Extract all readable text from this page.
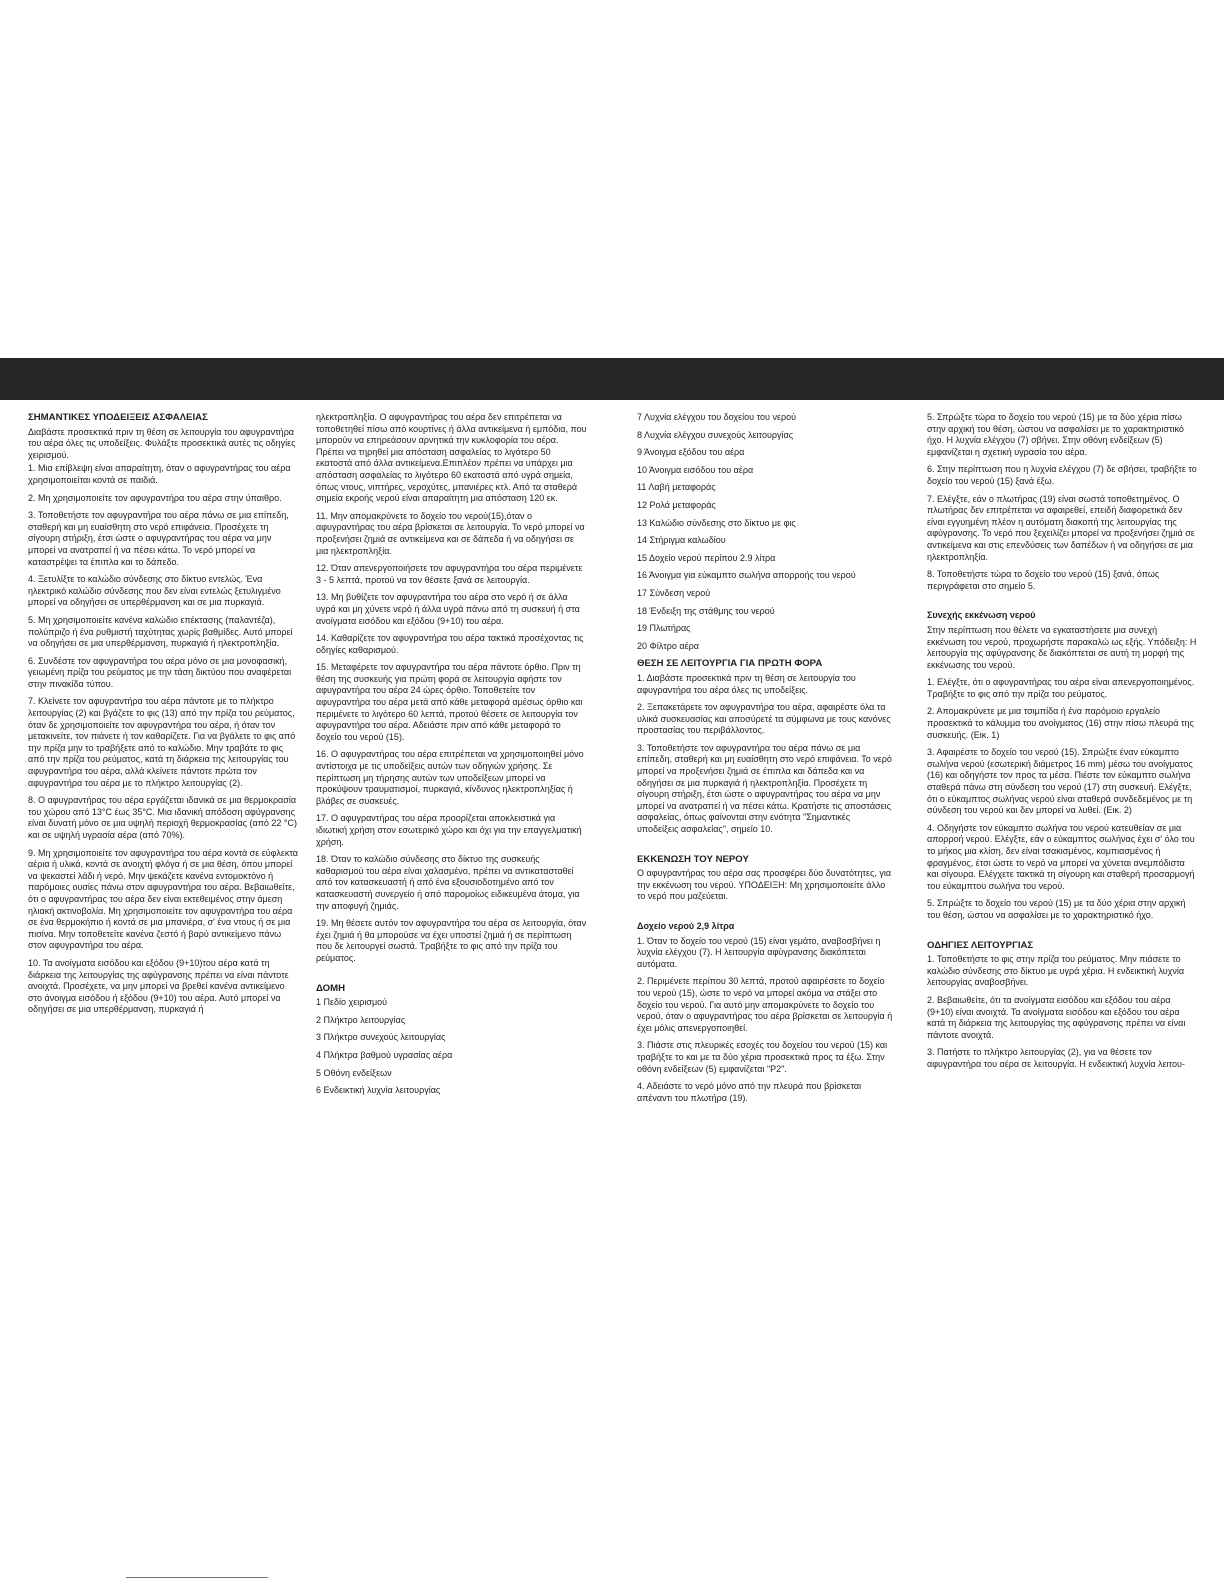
ΣΗΜΑΝΤΙΚΕΣ ΥΠΟΔΕΙΞΕΙΣ ΑΣΦΑΛΕΙΑΣ

Διαβάστε προσεκτικά πριν τη θέση σε λειτουργία του αφυγραντήρα του αέρα όλες τις υποδείξεις. Φυλάξτε προσεκτικά αυτές τις οδηγίες χειρισμού.

1. Μια επίβλεψη είναι απαραίτητη, όταν ο αφυγραντήρας του αέρα χρησιμοποιείται κοντά σε παιδιά.

2. Μη χρησιμοποιείτε τον αφυγραντήρα του αέρα στην ύπαιθρο.

3. Τοποθετήστε τον αφυγραντήρα του αέρα πάνω σε μια επίπεδη, σταθερή και μη ευαίσθητη στο νερό επιφάνεια. Προσέχετε τη σίγουρη στήριξη, έτσι ώστε ο αφυγραντήρας του αέρα να μην μπορεί να ανατραπεί ή να πέσει κάτω. Το νερό μπορεί να καταστρέψει τα έπιπλα και το δάπεδο.

4. Ξετυλίξτε το καλώδιο σύνδεσης στο δίκτυο εντελώς. Ένα ηλεκτρικό καλώδιο σύνδεσης που δεν είναι εντελώς ξετυλιγμένο μπορεί να οδηγήσει σε υπερθέρμανση και σε μια πυρκαγιά.

5. Μη χρησιμοποιείτε κανένα καλώδιο επέκτασης (παλαντέζα), πολύπριζο ή ένα ρυθμιστή ταχύτητας χωρίς βαθμίδες. Αυτό μπορεί να οδηγήσει σε μια υπερθέρμανση, πυρκαγιά ή ηλεκτροπληξία.

6. Συνδέστε τον αφυγραντήρα του αέρα μόνο σε μια μονοφασική, γειωμένη πρίζα του ρεύματος με την τάση δικτύου που αναφέρεται στην πινακίδα τύπου.

7. Κλείνετε τον αφυγραντήρα του αέρα πάντοτε με το πλήκτρο λειτουργίας (2) και βγάζετε το φις (13) από την πρίζα του ρεύματος, όταν δε χρησιμοποιείτε τον αφυγραντήρα του αέρα, ή όταν τον μετακινείτε, τον πιάνετε ή τον καθαρίζετε. Για να βγάλετε το φις από την πρίζα μην το τραβήξετε από το καλώδιο. Μην τραβάτε το φις από την πρίζα του ρεύματος, κατά τη διάρκεια της λειτουργίας του αφυγραντήρα του αέρα, αλλά κλείνετε πάντοτε πρώτα τον αφυγραντήρα του αέρα με το πλήκτρο λειτουργίας (2).

8. Ο αφυγραντήρας του αέρα εργάζεται ιδανικά σε μια θερμοκρασία του χώρου από 13°C έως 35°C. Μια ιδανική απόδοση αφύγρανσης είναι δυνατή μόνο σε μια υψηλή περιοχή θερμοκρασίας (από 22 °C) και σε υψηλή υγρασία αέρα (από 70%).

9. Μη χρησιμοποιείτε τον αφυγραντήρα του αέρα κοντά σε εύφλεκτα αέρια ή υλικά, κοντά σε ανοιχτή φλόγα ή σε μια θέση, όπου μπορεί να ψεκαστεί λάδι ή νερό. Μην ψεκάζετε κανένα εντομοκτόνο ή παρόμοιες ουσίες πάνω στον αφυγραντήρα του αέρα. Βεβαιωθείτε, ότι ο αφυγραντήρας του αέρα δεν είναι εκτεθειμένος στην άμεση ηλιακή ακτινοβολία. Μη χρησιμοποιείτε τον αφυγραντήρα του αέρα σε ένα θερμοκήπιο ή κοντά σε μια μπανιέρα, σ' ένα ντους ή σε μια πισίνα. Μην τοποθετείτε κανένα ζεστό ή βαρύ αντικείμενο πάνω στον αφυγραντήρα του αέρα.

10. Τα ανοίγματα εισόδου και εξόδου (9+10)του αέρα κατά τη διάρκεια της λειτουργίας της αφύγρανσης πρέπει να είναι πάντοτε ανοιχτά. Προσέχετε, να μην μπορεί να βρεθεί κανένα αντικείμενο στο άνοιγμα εισόδου ή εξόδου (9+10) του αέρα. Αυτό μπορεί να οδηγήσει σε μια υπερθέρμανση, πυρκαγιά ή

ηλεκτροπληξία. Ο αφυγραντήρας του αέρα δεν επιτρέπεται να τοποθετηθεί πίσω από κουρτίνες ή άλλα αντικείμενα ή εμπόδια, που μπορούν να επηρεάσουν αρνητικά την κυκλοφορία του αέρα. Πρέπει να τηρηθεί μια απόσταση ασφαλείας το λιγότερο 50 εκατοστά από άλλα αντικείμενα.Επιπλέον πρέπει να υπάρχει μια απόσταση ασφαλείας το λιγότερο 60 εκατοστά από υγρά σημεία, όπως ντους, νιπτήρες, νεροχύτες, μπανιέρες κτλ. Από τα σταθερά σημεία εκροής νερού είναι απαραίτητη μια απόσταση 120 εκ.

11. Μην απομακρύνετε το δοχείο του νερού(15),όταν ο αφυγραντήρας του αέρα βρίσκεται σε λειτουργία. Το νερό μπορεί να προξενήσει ζημιά σε αντικείμενα και σε δάπεδα ή να οδηγήσει σε μια ηλεκτροπληξία.

12. Όταν απενεργοποιήσετε τον αφυγραντήρα του αέρα περιμένετε 3 - 5 λεπτά, προτού να τον θέσετε ξανά σε λειτουργία.

13. Μη βυθίζετε τον αφυγραντήρα του αέρα στο νερό ή σε άλλα υγρά και μη χύνετε νερό ή άλλα υγρά πάνω από τη συσκευή ή στα ανοίγματα εισόδου και εξόδου (9+10) του αέρα.

14. Καθαρίζετε τον αφυγραντήρα του αέρα τακτικά προσέχοντας τις οδηγίες καθαρισμού.

15. Μεταφέρετε τον αφυγραντήρα του αέρα πάντοτε όρθιο. Πριν τη θέση της συσκευής για πρώτη φορά σε λειτουργία αφήστε τον αφυγραντήρα του αέρα 24 ώρες όρθιο. Τοποθετείτε τον αφυγραντήρα του αέρα μετά από κάθε μεταφορά αμέσως όρθιο και περιμένετε το λιγότερο 60 λεπτά, προτού θέσετε σε λειτουργία τον αφυγραντήρα του αέρα. Αδειάστε πριν από κάθε μεταφορά το δοχείο του νερού (15).

16. Ο αφυγραντήρας του αέρα επιτρέπεται να χρησιμοποιηθεί μόνο αντίστοιχα με τις υποδείξεις αυτών των οδηγιών χρήσης. Σε περίπτωση μη τήρησης αυτών των υποδείξεων μπορεί να προκύψουν τραυματισμοί, πυρκαγιά, κίνδυνος ηλεκτροπληξίας ή βλάβες σε συσκευές.

17. Ο αφυγραντήρας του αέρα προορίζεται αποκλειστικά για ιδιωτική χρήση στον εσωτερικό χώρο και όχι για την επαγγελματική χρήση.

18. Όταν το καλώδιο σύνδεσης στο δίκτυο της συσκευής καθαρισμού του αέρα είναι χαλασμένο, πρέπει να αντικατασταθεί από τον κατασκευαστή ή από ένα εξουσιοδοτημένο από τον κατασκευαστή συνεργείο ή από παρομοίως ειδικευμένα άτομα, για την αποφυγή ζημιάς.

19. Μη θέσετε αυτόν τον αφυγραντήρα του αέρα σε λειτουργία, όταν έχει ζημιά ή θα μπορούσε να έχει υποστεί ζημιά ή σε περίπτωση που δε λειτουργεί σωστά. Τραβήξτε το φις από την πρίζα του ρεύματος.

ΔΟΜΗ

1 Πεδίο χειρισμού

2 Πλήκτρο λειτουργίας

3 Πλήκτρο συνεχούς λειτουργίας

4 Πλήκτρα βαθμού υγρασίας αέρα

5 Οθόνη ενδείξεων

6 Ενδεικτική λυχνία λειτουργίας

7 Λυχνία ελέγχου του δοχείου του νερού

8 Λυχνία ελέγχου συνεχούς λειτουργίας

9 Άνοιγμα εξόδου του αέρα

10 Άνοιγμα εισόδου του αέρα

11 Λαβή μεταφοράς

12 Ρολά μεταφοράς

13 Καλώδιο σύνδεσης στο δίκτυο με φις

14 Στήριγμα καλωδίου

15 Δοχείο νερού περίπου 2.9 λίτρα

16 Άνοιγμα για εύκαμπτο σωλήνα απορροής του νερού

17 Σύνδεση νερού

18 Ένδειξη της στάθμης του νερού

19 Πλωτήρας

20 Φίλτρο αέρα

ΘΕΣΗ ΣΕ ΛΕΙΤΟΥΡΓΙΑ ΓΙΑ ΠΡΩΤΗ ΦΟΡΑ

1. Διαβάστε προσεκτικά πριν τη θέση σε λειτουργία του αφυγραντήρα του αέρα όλες τις υποδείξεις.

2. Ξεπακετάρετε τον αφυγραντήρα του αέρα, αφαιρέστε όλα τα υλικά συσκευασίας και αποσύρετέ τα σύμφωνα με τους κανόνες προστασίας του περιβάλλοντος.

3. Τοποθετήστε τον αφυγραντήρα του αέρα πάνω σε μια επίπεδη, σταθερή και μη ευαίσθητη στο νερό επιφάνεια. Το νερό μπορεί να προξενήσει ζημιά σε έπιπλα και δάπεδα και να οδηγήσει σε μια πυρκαγιά ή ηλεκτροπληξία. Προσέχετε τη σίγουρη στήριξη, έτσι ώστε ο αφυγραντήρας του αέρα να μην μπορεί να ανατραπεί ή να πέσει κάτω. Κρατήστε τις αποστάσεις ασφαλείας, όπως φαίνονται στην ενότητα "Σημαντικές υποδείξεις ασφαλείας", σημείο 10.

ΕΚΚΕΝΩΣΗ ΤΟΥ ΝΕΡΟΥ

Ο αφυγραντήρας του αέρα σας προσφέρει δύο δυνατότητες, για την εκκένωση του νερού. ΥΠΟΔΕΙΞΗ: Μη χρησιμοποιείτε άλλο το νερό που μαζεύεται.

Δοχείο νερού 2,9 λίτρα

1. Όταν το δοχείο του νερού (15) είναι γεμάτο, αναβοσβήνει η λυχνία ελέγχου (7). Η λειτουργία αφύγρανσης διακόπτεται αυτόματα.

2. Περιμένετε περίπου 30 λεπτά, προτού αφαιρέσετε το δοχείο του νερού (15), ώστε το νερό να μπορεί ακόμα να στάξει στο δοχείο του νερού. Για αυτό μην απομακρύνετε το δοχείο του νερού, όταν ο αφυγραντήρας του αέρα βρίσκεται σε λειτουργία ή έχει μόλις απενεργοποιηθεί.

3. Πιάστε στις πλευρικές εσοχές του δοχείου του νερού (15) και τραβήξτε το και με τα δύο χέρια προσεκτικά προς τα έξω. Στην οθόνη ενδείξεων (5) εμφανίζεται "P2".

4. Αδειάστε το νερό μόνο από την πλευρά που βρίσκεται απέναντι του πλωτήρα (19).

5. Σπρώξτε τώρα το δοχείο του νερού (15) με τα δύο χέρια πίσω στην αρχική του θέση, ώστου να ασφαλίσει με το χαρακτηριστικό ήχο. Η λυχνία ελέγχου (7) σβήνει. Στην οθόνη ενδείξεων (5) εμφανίζεται η σχετική υγρασία του αέρα.

6. Στην περίπτωση που η λυχνία ελέγχου (7) δε σβήσει, τραβήξτε το δοχείο του νερού (15) ξανά έξω.

7. Ελέγξτε, εάν ο πλωτήρας (19) είναι σωστά τοποθετημένος. Ο πλωτήρας δεν επιτρέπεται να αφαιρεθεί, επειδή διαφορετικά δεν είναι εγγυημένη πλέον η αυτόματη διακοπή της λειτουργίας της αφύγρανσης. Το νερό που ξεχειλίζει μπορεί να προξενήσει ζημιά σε αντικείμενα και στις επενδύσεις των δαπέδων ή να οδηγήσει σε μια ηλεκτροπληξία.

8. Τοποθετήστε τώρα το δοχείο του νερού (15) ξανά, όπως περιγράφεται στο σημείο 5.

Συνεχής εκκένωση νερού

Στην περίπτωση που θέλετε να εγκαταστήσετε μια συνεχή εκκένωση του νερού, προχωρήστε παρακαλώ ως εξής. Υπόδειξη: Η λειτουργία της αφύγρανσης δε διακόπτεται σε αυτή τη μορφή της εκκένωσης του νερού.

1. Ελέγξτε, ότι ο αφυγραντήρας του αέρα είναι απενεργοποιημένος. Τραβήξτε το φις από την πρίζα του ρεύματος.

2. Απομακρύνετε με μια τσιμπίδα ή ένα παρόμοιο εργαλείο προσεκτικά το κάλυμμα του ανοίγματος (16) στην πίσω πλευρά της συσκευής. (Εικ. 1)

3. Αφαιρέστε το δοχείο του νερού (15). Σπρώξτε έναν εύκαμπτο σωλήνα νερού (εσωτερική διάμετρος 16 mm) μέσω του ανοίγματος (16) και οδηγήστε τον προς τα μέσα. Πιέστε τον εύκαμπτο σωλήνα σταθερά πάνω στη σύνδεση του νερού (17) στη συσκευή. Ελέγξτε, ότι ο εύκαμπτος σωλήνας νερού είναι σταθερά συνδεδεμένος με τη σύνδεση του νερού και δεν μπορεί να λυθεί. (Εικ. 2)

4. Οδηγήστε τον εύκαμπτο σωλήνα του νερού κατευθείαν σε μια απορροή νερού. Ελέγξτε, εάν ο εύκαμπτος σωλήνας έχει σ' όλο του το μήκος μια κλίση, δεν είναι τσακισμένος, κομπιασμένος ή φραγμένος, έτσι ώστε το νερό να μπορεί να χύνεται ανεμπόδιστα και σίγουρα. Ελέγχετε τακτικά τη σίγουρη και σταθερή προσαρμογή του εύκαμπτου σωλήνα του νερού.

5. Σπρώξτε το δοχείο του νερού (15) με τα δύο χέρια στην αρχική του θέση, ώστου να ασφαλίσει με το χαρακτηριστικό ήχο.

ΟΔΗΓΙΕΣ ΛΕΙΤΟΥΡΓΙΑΣ

1. Τοποθετήστε το φις στην πρίζα του ρεύματος. Μην πιάσετε το καλώδιο σύνδεσης στο δίκτυο με υγρά χέρια. Η ενδεικτική λυχνία λειτουργίας αναβοσβήνει.

2. Βεβαιωθείτε, ότι τα ανοίγματα εισόδου και εξόδου του αέρα (9+10) είναι ανοιχτά. Τα ανοίγματα εισόδου και εξόδου του αέρα κατά τη διάρκεια της λειτουργίας της αφύγρανσης πρέπει να είναι πάντοτε ανοιχτά.

3. Πατήστε το πλήκτρο λειτουργίας (2), για να θέσετε τον αφυγραντήρα του αέρα σε λειτουργία. Η ενδεικτική λυχνία λειτου-
